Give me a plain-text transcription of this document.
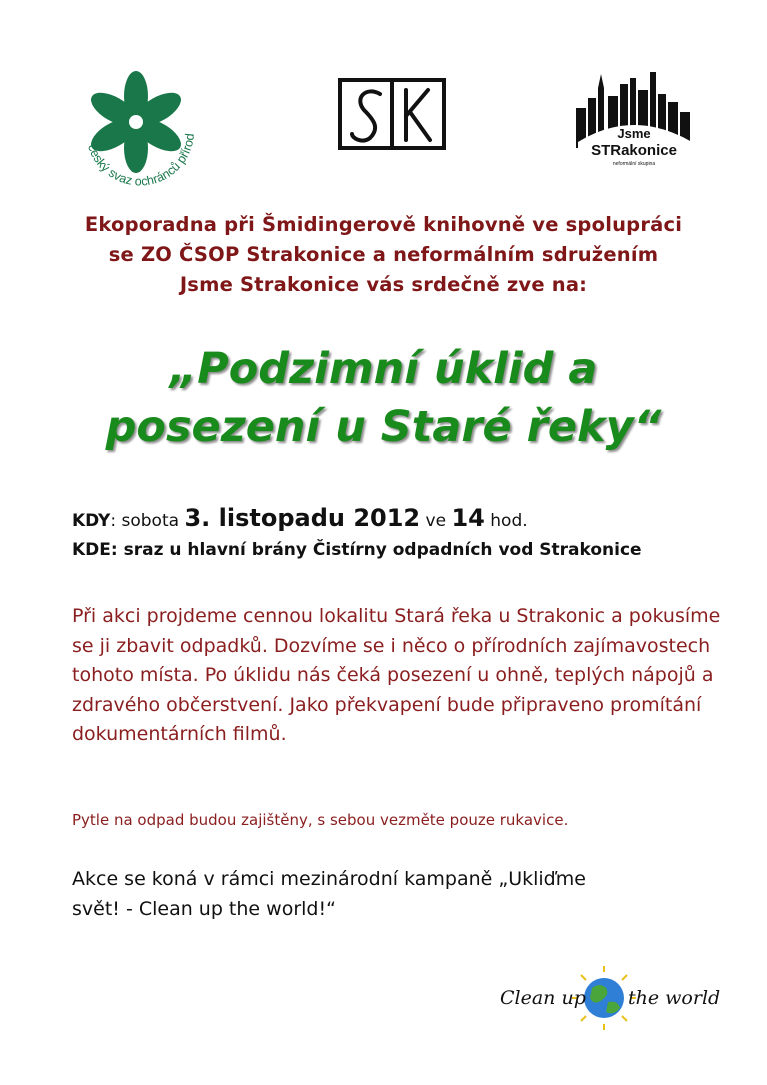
český svaz ochránců přírod	Jsme
STRakonice
neformální skupina
Ekoporadna při Šmidingerově knihovně ve spolupráci
se ZO ČSOP Strakonice a neformálním sdružením
Jsme Strakonice vás srdečně zve na:
„Podzimní úklid a
posezení u Staré řeky“
KDY: sobota 3. listopadu 2012 ve 14 hod.
KDE: sraz u hlavní brány Čistírny odpadních vod Strakonice
Při akci projdeme cennou lokalitu Stará řeka u Strakonic a pokusíme se ji zbavit odpadků. Dozvíme se i něco o přírodních zajímavostech tohoto místa. Po úklidu nás čeká posezení u ohně, teplých nápojů a zdravého občerstvení. Jako překvapení bude připraveno promítání dokumentárních filmů.
Pytle na odpad budou zajištěny, s sebou vezměte pouze rukavice.
Akce se koná v rámci mezinárodní kampaně „Ukliďme
svět! - Clean up the world!“
Clean up the world
